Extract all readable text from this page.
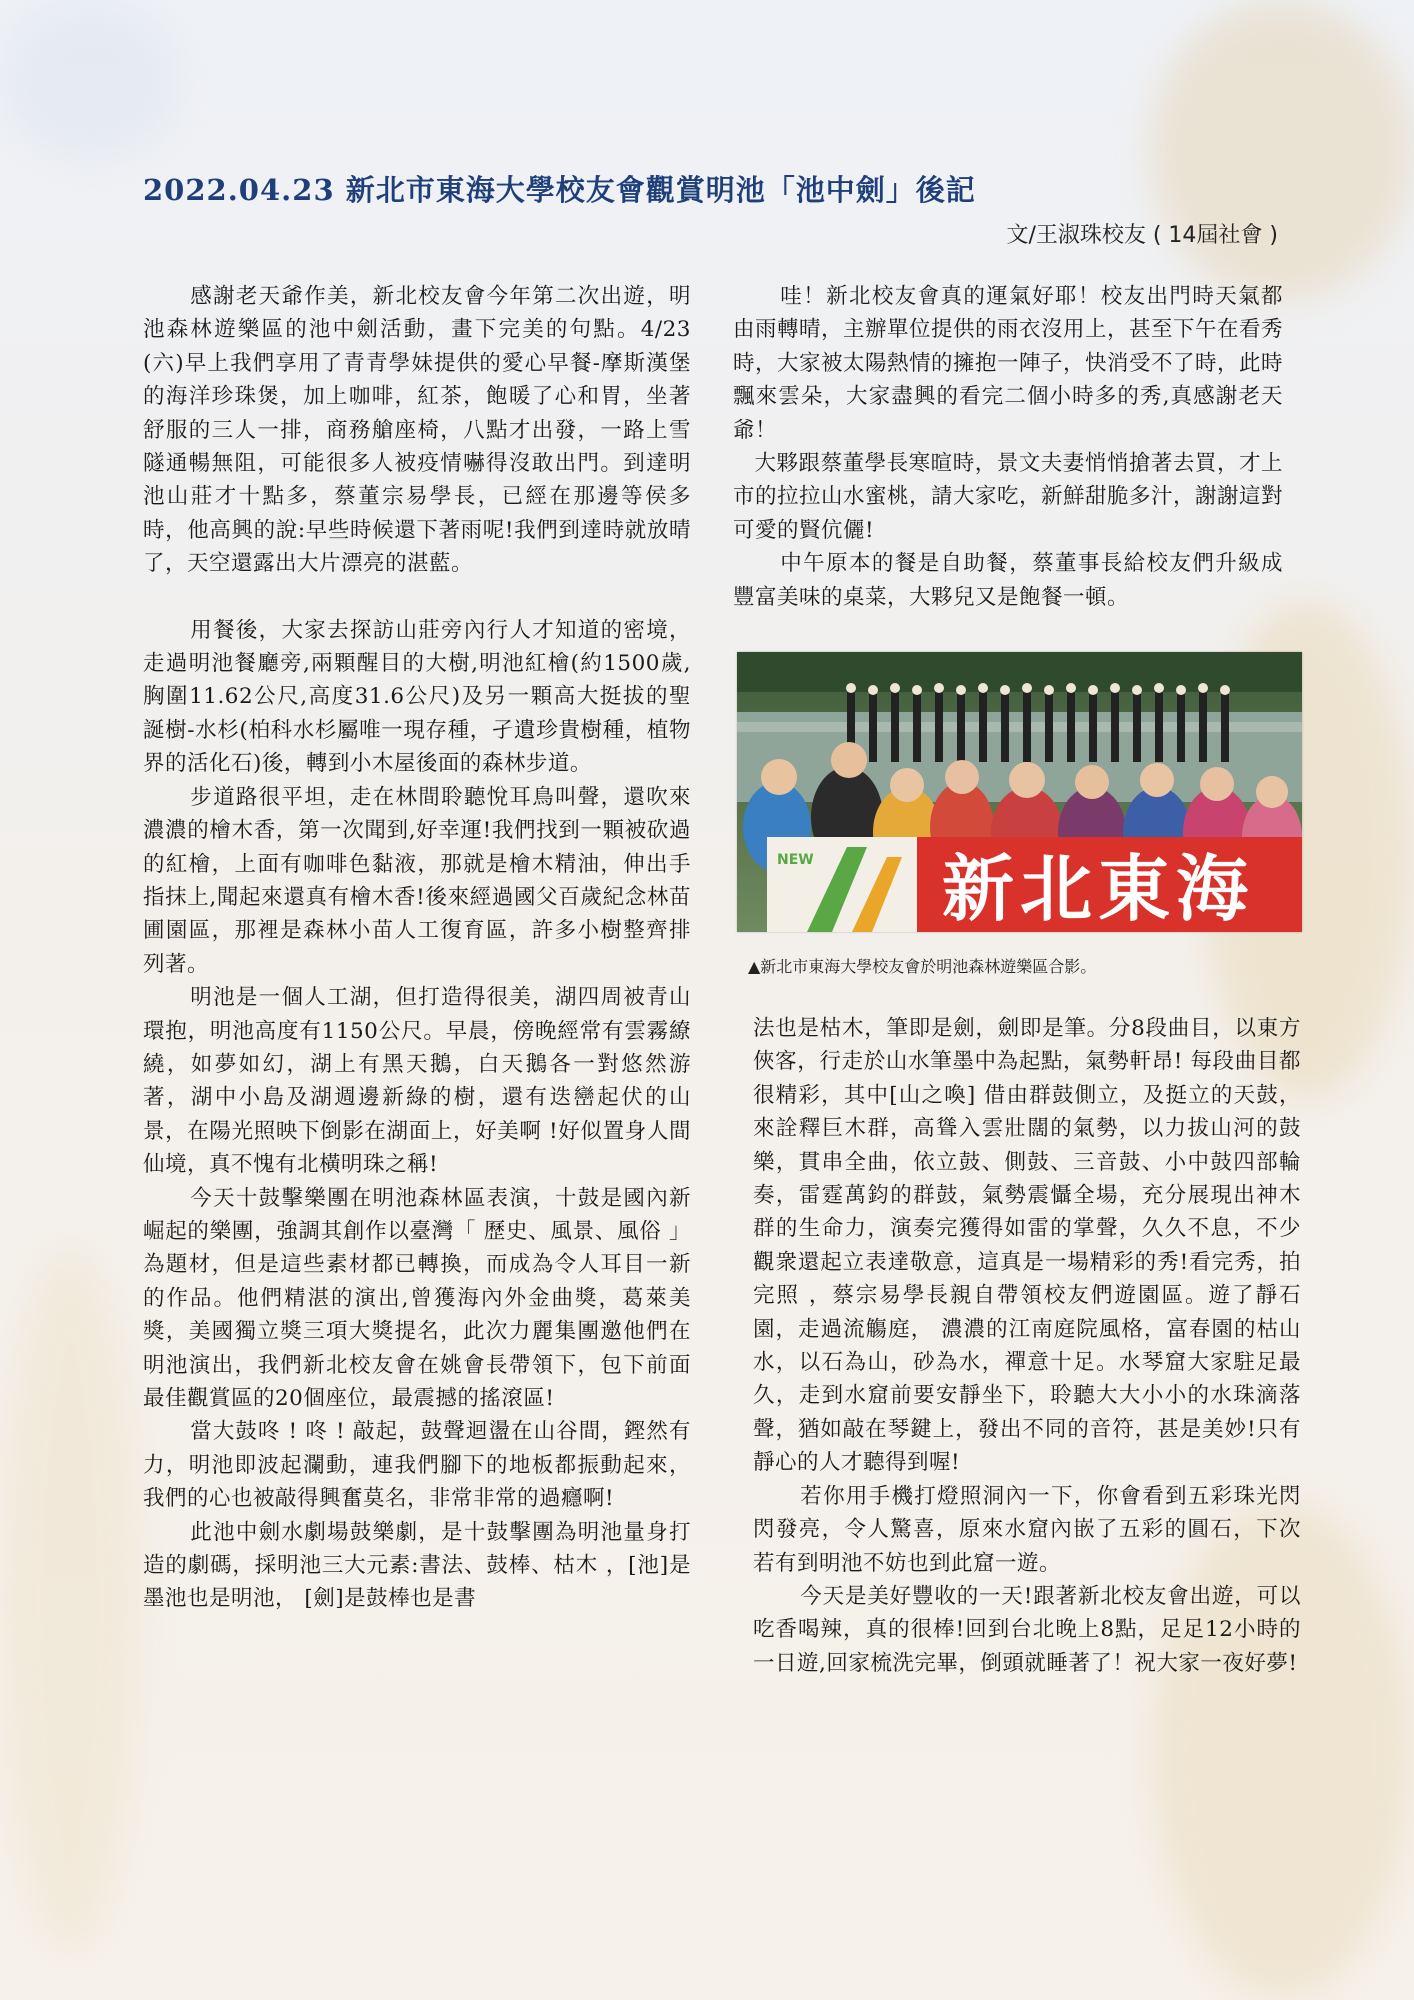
2022.04.23 新北市東海大學校友會觀賞明池「池中劍」後記
文/王淑珠校友 ( 14屆社會 )

感謝老天爺作美，新北校友會今年第二次出遊，明池森林遊樂區的池中劍活動，畫下完美的句點。4/23 (六)早上我們享用了青青學妹提供的愛心早餐-摩斯漢堡的海洋珍珠煲，加上咖啡，紅茶，飽暖了心和胃，坐著舒服的三人一排，商務艙座椅，八點才出發，一路上雪隧通暢無阻，可能很多人被疫情嚇得沒敢出門。到達明池山莊才十點多，蔡董宗易學長，已經在那邊等侯多時，他高興的說:早些時候還下著雨呢!我們到達時就放晴了，天空還露出大片漂亮的湛藍。

用餐後，大家去探訪山莊旁內行人才知道的密境，走過明池餐廳旁,兩顆醒目的大樹,明池紅檜(約1500歲,胸圍11.62公尺,高度31.6公尺)及另一顆高大挺拔的聖誕樹-水杉(柏科水杉屬唯一現存種，孑遺珍貴樹種，植物界的活化石)後，轉到小木屋後面的森林步道。

步道路很平坦，走在林間聆聽悅耳鳥叫聲，還吹來濃濃的檜木香，第一次聞到,好幸運!我們找到一顆被砍過的紅檜，上面有咖啡色黏液，那就是檜木精油，伸出手指抹上,聞起來還真有檜木香!後來經過國父百歲紀念林苗圃園區，那裡是森林小苗人工復育區，許多小樹整齊排列著。

明池是一個人工湖，但打造得很美，湖四周被青山環抱，明池高度有1150公尺。早晨，傍晚經常有雲霧繚繞，如夢如幻，湖上有黑天鵝，白天鵝各一對悠然游著，湖中小島及湖週邊新綠的樹，還有迭巒起伏的山景，在陽光照映下倒影在湖面上，好美啊 !好似置身人間仙境，真不愧有北橫明珠之稱!

今天十鼓擊樂團在明池森林區表演，十鼓是國內新崛起的樂團，強調其創作以臺灣「 歷史、風景、風俗 」為題材，但是這些素材都已轉換，而成為令人耳目一新的作品。他們精湛的演出,曾獲海內外金曲獎，葛萊美獎，美國獨立獎三項大獎提名，此次力麗集團邀他們在明池演出，我們新北校友會在姚會長帶領下，包下前面最佳觀賞區的20個座位，最震撼的搖滾區!

當大鼓咚 ! 咚 ! 敲起，鼓聲迴盪在山谷間，鏗然有力，明池即波起瀾動，連我們腳下的地板都振動起來，我們的心也被敲得興奮莫名，非常非常的過癮啊!

此池中劍水劇場鼓樂劇，是十鼓擊團為明池量身打造的劇碼，採明池三大元素:書法、鼓棒、枯木 ，[池]是墨池也是明池， [劍]是鼓棒也是書

哇！新北校友會真的運氣好耶！校友出門時天氣都由雨轉晴，主辦單位提供的雨衣沒用上，甚至下午在看秀時，大家被太陽熱情的擁抱一陣子，快消受不了時，此時飄來雲朵，大家盡興的看完二個小時多的秀,真感謝老天爺！

大夥跟蔡董學長寒暄時，景文夫妻悄悄搶著去買，才上市的拉拉山水蜜桃，請大家吃，新鮮甜脆多汁，謝謝這對可愛的賢伉儷!

中午原本的餐是自助餐，蔡董事長給校友們升級成豐富美味的桌菜，大夥兒又是飽餐一頓。

NEW 新北東海
▲新北市東海大學校友會於明池森林遊樂區合影。

法也是枯木，筆即是劍，劍即是筆。分8段曲目，以東方俠客，行走於山水筆墨中為起點，氣勢軒昂! 每段曲目都很精彩，其中[山之喚] 借由群鼓側立，及挺立的天鼓，來詮釋巨木群，高聳入雲壯闊的氣勢，以力拔山河的鼓樂，貫串全曲，依立鼓、側鼓、三音鼓、小中鼓四部輪奏，雷霆萬鈞的群鼓，氣勢震懾全場，充分展現出神木群的生命力，演奏完獲得如雷的掌聲，久久不息，不少觀衆還起立表達敬意，這真是一場精彩的秀!看完秀，拍完照 ，蔡宗易學長親自帶領校友們遊園區。遊了靜石園，走過流觴庭， 濃濃的江南庭院風格，富春園的枯山水，以石為山，砂為水，禪意十足。水琴窟大家駐足最久，走到水窟前要安靜坐下，聆聽大大小小的水珠滴落聲，猶如敲在琴鍵上，發出不同的音符，甚是美妙!只有靜心的人才聽得到喔!

若你用手機打燈照洞內一下，你會看到五彩珠光閃閃發亮，令人驚喜，原來水窟內嵌了五彩的圓石，下次若有到明池不妨也到此窟一遊。

今天是美好豐收的一天!跟著新北校友會出遊，可以吃香喝辣，真的很棒!回到台北晚上8點，足足12小時的一日遊,回家梳洗完畢，倒頭就睡著了！祝大家一夜好夢!
